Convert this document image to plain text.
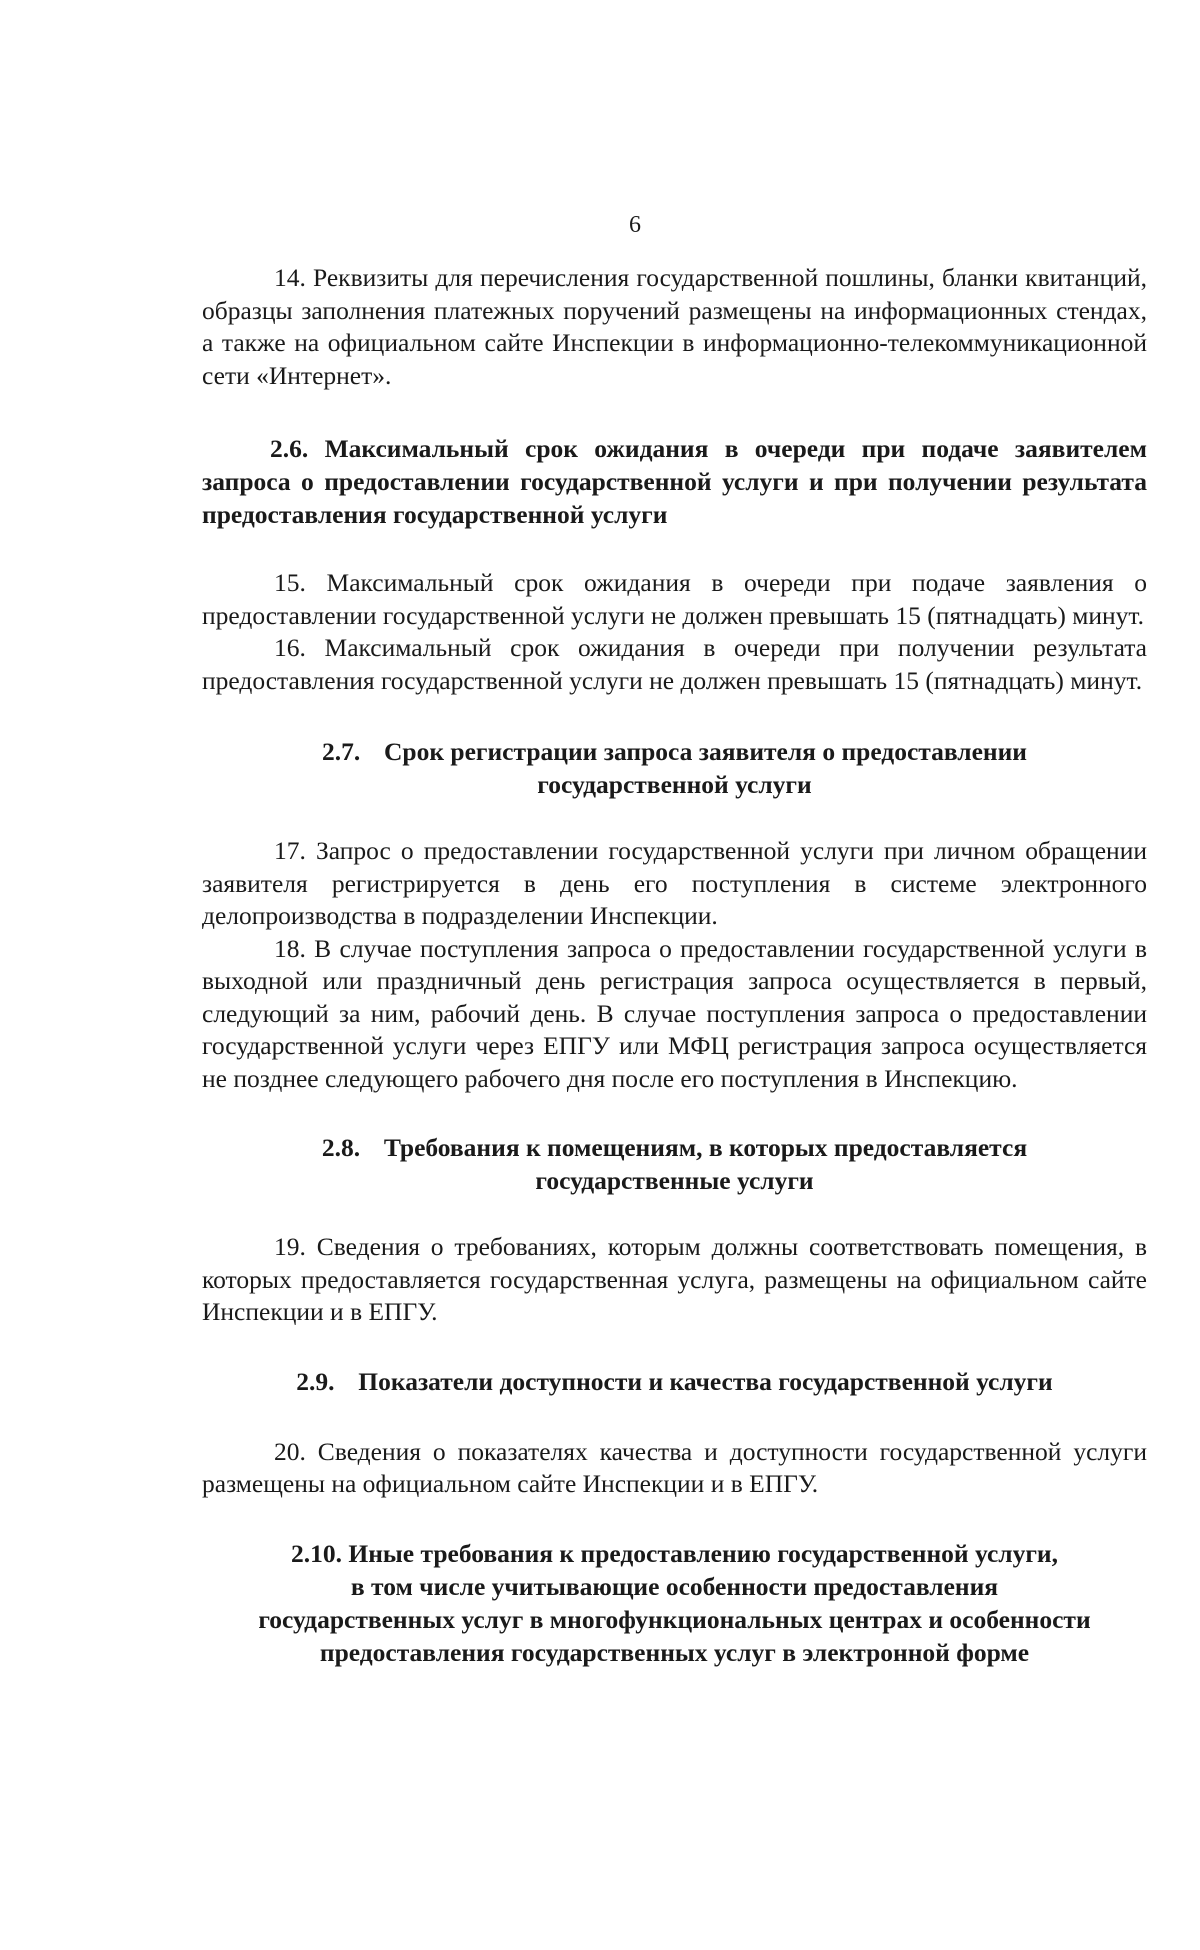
6

14. Реквизиты для перечисления государственной пошлины, бланки квитанций, образцы заполнения платежных поручений размещены на информационных стендах, а также на официальном сайте Инспекции в информационно-телекоммуникационной сети «Интернет».

2.6. Максимальный срок ожидания в очереди при подаче заявителем запроса о предоставлении государственной услуги и при получении результата предоставления государственной услуги

15. Максимальный срок ожидания в очереди при подаче заявления о предоставлении государственной услуги не должен превышать 15 (пятнадцать) минут.

16. Максимальный срок ожидания в очереди при получении результата предоставления государственной услуги не должен превышать 15 (пятнадцать) минут.

2.7. Срок регистрации запроса заявителя о предоставлении
государственной услуги

17. Запрос о предоставлении государственной услуги при личном обращении заявителя регистрируется в день его поступления в системе электронного делопроизводства в подразделении Инспекции.

18. В случае поступления запроса о предоставлении государственной услуги в выходной или праздничный день регистрация запроса осуществляется в первый, следующий за ним, рабочий день. В случае поступления запроса о предоставлении государственной услуги через ЕПГУ или МФЦ регистрация запроса осуществляется не позднее следующего рабочего дня после его поступления в Инспекцию.

2.8. Требования к помещениям, в которых предоставляется
государственные услуги

19. Сведения о требованиях, которым должны соответствовать помещения, в которых предоставляется государственная услуга, размещены на официальном сайте Инспекции и в ЕПГУ.

2.9. Показатели доступности и качества государственной услуги

20. Сведения о показателях качества и доступности государственной услуги размещены на официальном сайте Инспекции и в ЕПГУ.

2.10. Иные требования к предоставлению государственной услуги,
в том числе учитывающие особенности предоставления
государственных услуг в многофункциональных центрах и особенности
предоставления государственных услуг в электронной форме
